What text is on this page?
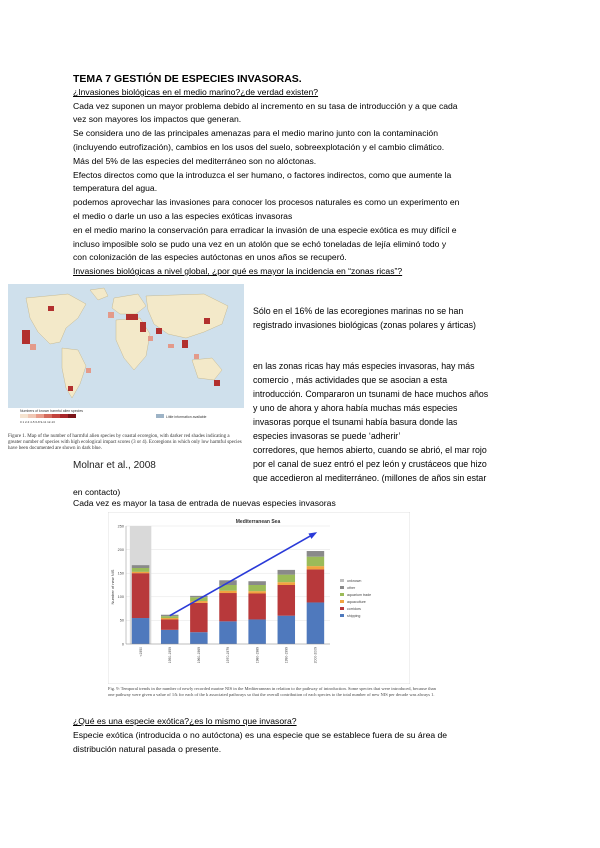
TEMA 7 GESTIÓN DE ESPECIES INVASORAS.
¿Invasiones biológicas en el medio marino?¿de verdad existen?
Cada vez suponen un mayor problema debido al incremento en su tasa de introducción y a que cada
vez son mayores los impactos que generan.
Se considera uno de las principales amenazas para el medio marino junto con la contaminación
(incluyendo eutrofización), cambios en los usos del suelo, sobreexplotación y el cambio climático.
Más del 5% de las especies del mediterráneo son no alóctonas.
Efectos directos como que la introduzca el ser humano, o factores indirectos, como que aumente la
temperatura del agua.
podemos aprovechar las invasiones para conocer los procesos naturales es como un experimento en
el medio o darle un uso a las especies exóticas invasoras
en el medio marino la conservación para erradicar la invasión de una especie exótica es muy difícil e
incluso imposible solo se pudo una vez en un atolón que se echó toneladas de lejía eliminó todo y
con colonización de las especies autóctonas en unos años se recuperó.
Invasiones biológicas a nivel global, ¿por qué es mayor la incidencia en “zonas ricas”?
Numbers of known harmful alien species
0 1 2-3 4-5 6-8 9-11 12-13
Little information available
Figure 1. Map of the number of harmful alien species by coastal ecoregion, with darker red shades indicating a greater number of species with high ecological impact scores (3 or 4). Ecoregions in which only low harmful species have been documented are shown in dark blue.
Molnar et al., 2008
Sólo en el 16% de las ecoregiones marinas no se han
registrado invasiones biológicas (zonas polares y árticas)
en las zonas ricas hay más especies invasoras, hay más
comercio , más actividades que se asocian a esta
introducción. Compararon un tsunami de hace muchos años
y uno de ahora y ahora había muchas más especies
invasoras porque el tsunami había basura donde las
especies invasoras se puede ‘adherir’
corredores, que hemos abierto, cuando se abrió, el mar rojo
por el canal de suez entró el pez león y crustáceos que hizo
que accedieron al mediterráneo. (millones de años sin estar
en contacto)
Cada vez es mayor la tasa de entrada de nuevas especies invasoras
Mediterranean Sea
Number of new NIS
0
50
100
150
200
250
<1950	1950-1959	1960-1969	1970-1979	1980-1989	1990-1999	2000-2009
unknown
other
aquarium trade
aquaculture
corridors
shipping
Fig. 9: Temporal trends in the number of newly recorded marine NIS in the Mediterranean in relation to the pathway of introduction. Some species that were introduced, because than one pathway were given a value of 1/k for each of the k associated pathways so that the overall contribution of each species to the total number of new NIS per decade was always 1.
¿Qué es una especie exótica?¿es lo mismo que invasora?
Especie exótica (introducida o no autóctona) es una especie que se establece fuera de su área de
distribución natural pasada o presente.
